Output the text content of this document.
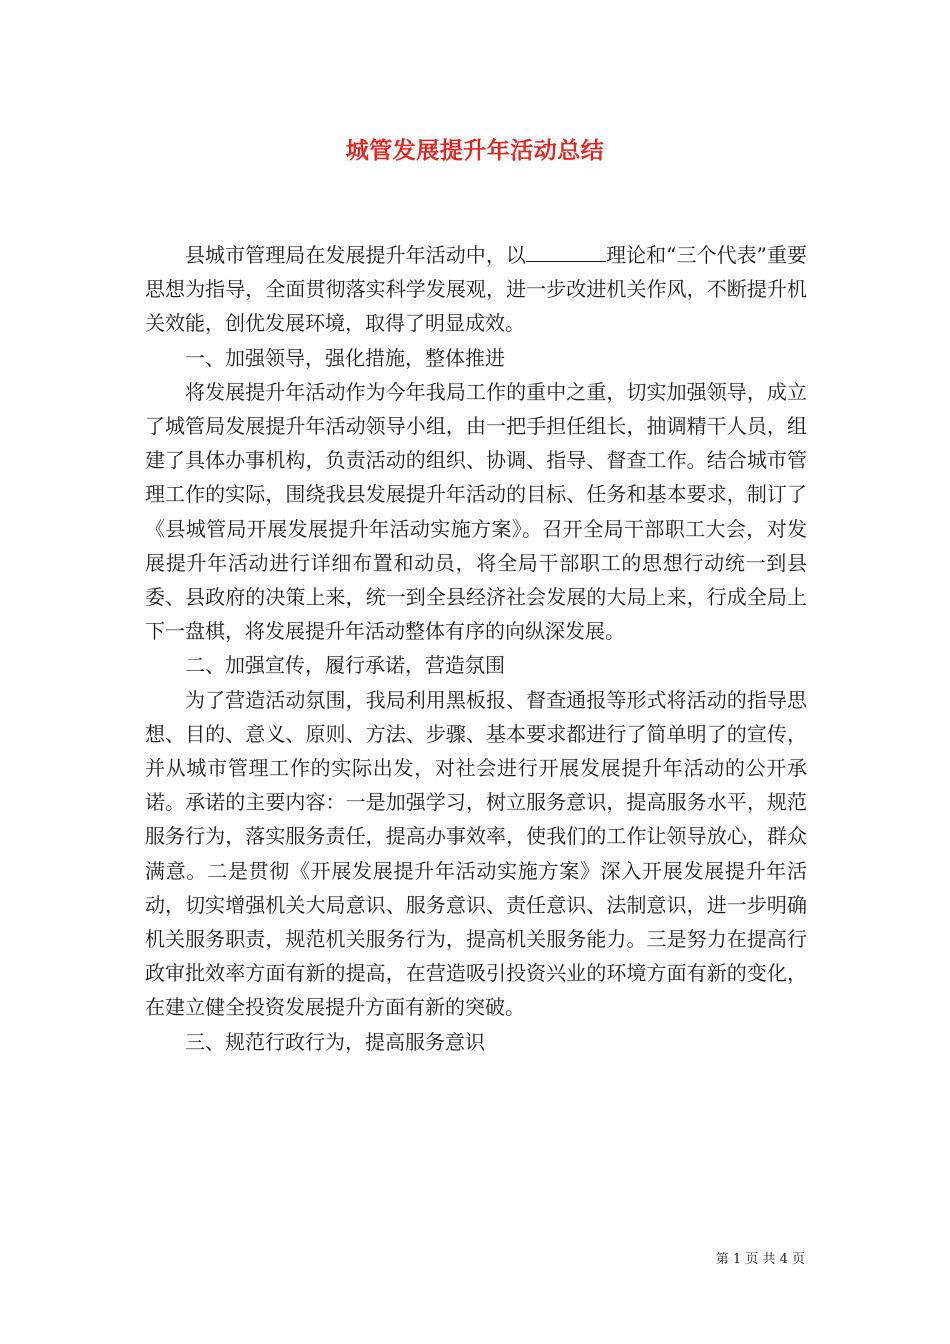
城管发展提升年活动总结

县城市管理局在发展提升年活动中，以	理论和“三个代表”重要思想为指导，全面贯彻落实科学发展观，进一步改进机关作风，不断提升机关效能，创优发展环境，取得了明显成效。

一、加强领导，强化措施，整体推进

将发展提升年活动作为今年我局工作的重中之重，切实加强领导，成立了城管局发展提升年活动领导小组，由一把手担任组长，抽调精干人员，组建了具体办事机构，负责活动的组织、协调、指导、督查工作。结合城市管理工作的实际，围绕我县发展提升年活动的目标、任务和基本要求，制订了《县城管局开展发展提升年活动实施方案》。召开全局干部职工大会，对发展提升年活动进行详细布置和动员，将全局干部职工的思想行动统一到县委、县政府的决策上来，统一到全县经济社会发展的大局上来，行成全局上下一盘棋，将发展提升年活动整体有序的向纵深发展。

二、加强宣传，履行承诺，营造氛围

为了营造活动氛围，我局利用黑板报、督查通报等形式将活动的指导思想、目的、意义、原则、方法、步骤、基本要求都进行了简单明了的宣传，并从城市管理工作的实际出发，对社会进行开展发展提升年活动的公开承诺。承诺的主要内容：一是加强学习，树立服务意识，提高服务水平，规范服务行为，落实服务责任，提高办事效率，使我们的工作让领导放心，群众满意。二是贯彻《开展发展提升年活动实施方案》深入开展发展提升年活动，切实增强机关大局意识、服务意识、责任意识、法制意识，进一步明确机关服务职责，规范机关服务行为，提高机关服务能力。三是努力在提高行政审批效率方面有新的提高，在营造吸引投资兴业的环境方面有新的变化，在建立健全投资发展提升方面有新的突破。

三、规范行政行为，提高服务意识

第 1 页 共 4 页
